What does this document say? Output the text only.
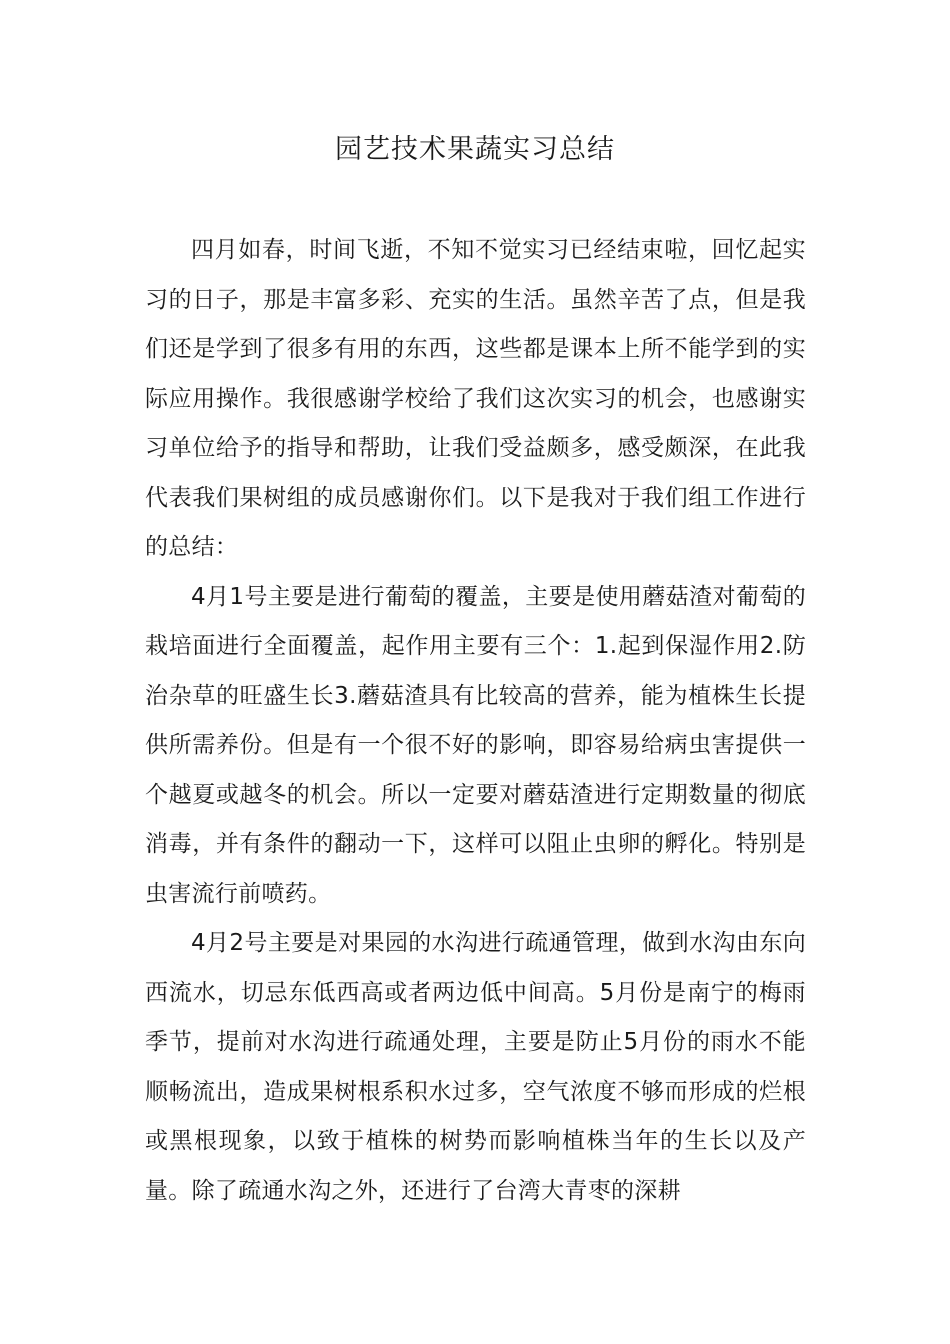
园艺技术果蔬实习总结

四月如春，时间飞逝，不知不觉实习已经结束啦，回忆起实习的日子，那是丰富多彩、充实的生活。虽然辛苦了点，但是我们还是学到了很多有用的东西，这些都是课本上所不能学到的实际应用操作。我很感谢学校给了我们这次实习的机会，也感谢实习单位给予的指导和帮助，让我们受益颇多，感受颇深，在此我代表我们果树组的成员感谢你们。以下是我对于我们组工作进行的总结：

4月1号主要是进行葡萄的覆盖，主要是使用蘑菇渣对葡萄的栽培面进行全面覆盖，起作用主要有三个：1.起到保湿作用2.防治杂草的旺盛生长3.蘑菇渣具有比较高的营养，能为植株生长提供所需养份。但是有一个很不好的影响，即容易给病虫害提供一个越夏或越冬的机会。所以一定要对蘑菇渣进行定期数量的彻底消毒，并有条件的翻动一下，这样可以阻止虫卵的孵化。特别是虫害流行前喷药。

4月2号主要是对果园的水沟进行疏通管理，做到水沟由东向西流水，切忌东低西高或者两边低中间高。5月份是南宁的梅雨季节，提前对水沟进行疏通处理，主要是防止5月份的雨水不能顺畅流出，造成果树根系积水过多，空气浓度不够而形成的烂根或黑根现象，以致于植株的树势而影响植株当年的生长以及产量。除了疏通水沟之外，还进行了台湾大青枣的深耕
